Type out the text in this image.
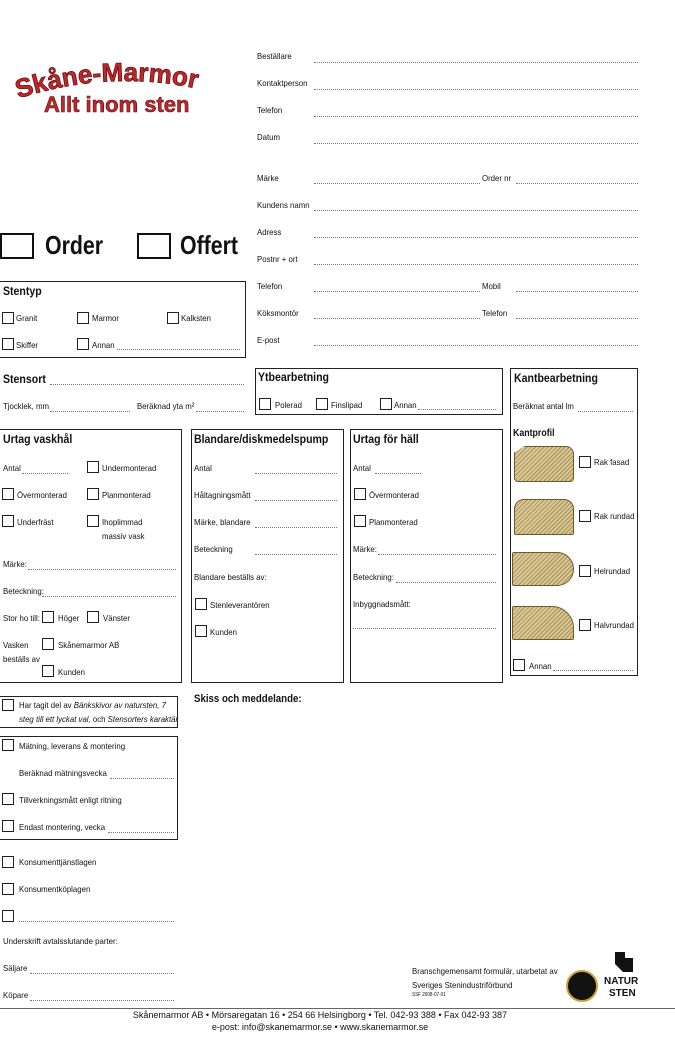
Skåne-Marmor
Allt inom sten
Beställare
Kontaktperson
Telefon
Datum
Märke	Order nr
Kundens namn
Adress
Postnr + ort
Telefon	Mobil
Köksmontör	Telefon
E-post
Order	Offert
Stentyp
Granit	Marmor	Kalksten
Skiffer	Annan
Stensort
Tjocklek, mm	Beräknad yta m²
Ytbearbetning
Polerad	Finslipad	Annan
Kantbearbetning
Beräknat antal lm
Kantprofil
Rak fasad
Rak rundad
Helrundad
Halvrundad
Annan
Urtag vaskhål
Antal	Undermonterad
Övermonterad	Planmonterad
Underfräst	Ihoplimmad
massiv vask
Märke:
Beteckning:
Stor ho till: Höger	Vänster
Vasken
beställs av
Skånemarmor AB
Kunden
Blandare/diskmedelspump
Antal
Håltagningsmått
Märke, blandare
Beteckning
Blandare beställs av:
Stenleverantören
Kunden
Urtag för häll
Antal
Övermonterad
Planmonterad
Märke:
Beteckning:
Inbyggnadsmått:
Har tagit del av Bänkskivor av natursten, 7
steg till ett lyckat val, och Stensorters karaktär
Mätning, leverans & montering
Beräknad mätningsvecka
Tillverkningsmått enligt ritning
Endast montering, vecka
Konsumenttjänstlagen
Konsumentköplagen
Underskrift avtalsslutande parter:
Säljare
Köpare
Skiss och meddelande:
Branschgemensamt formulär, utarbetat av
Sveriges Stenindustriförbund
SSF 2008-07-01
NATUR
STEN
Skånemarmor AB • Mörsaregatan 16 • 254 66 Helsingborg • Tel. 042-93 388 • Fax 042-93 387
e-post: info@skanemarmor.se • www.skanemarmor.se
